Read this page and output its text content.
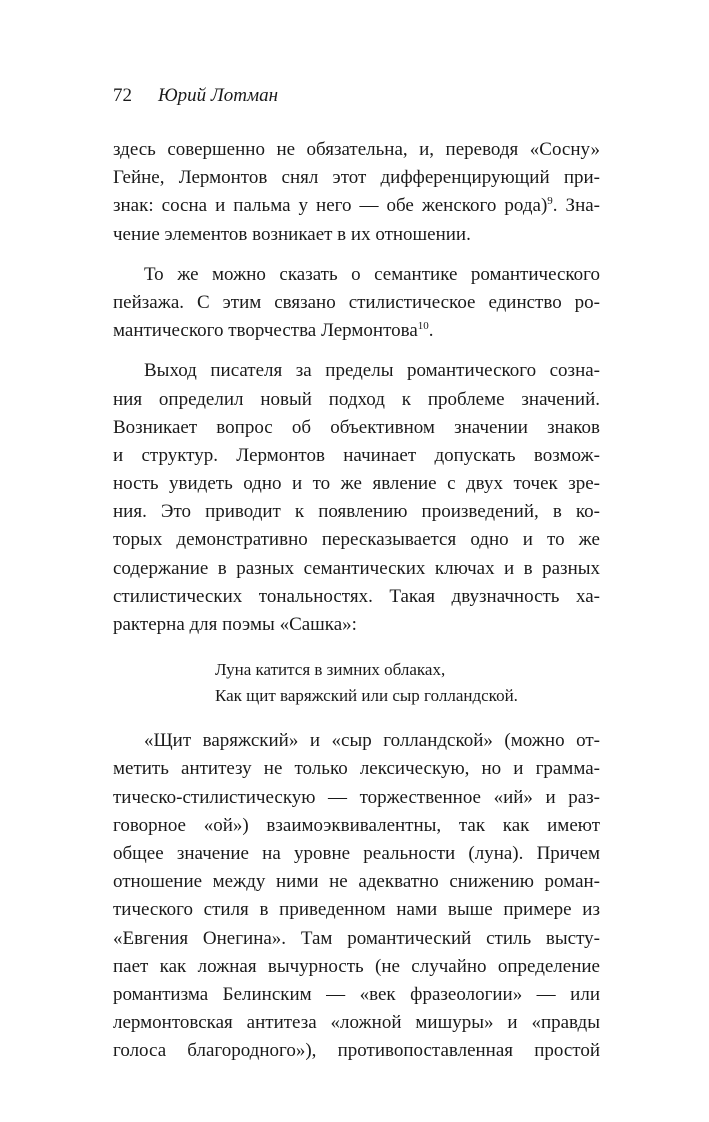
72 Юрий Лотман
здесь совершенно не обязательна, и, переводя «Сосну»
Гейне, Лермонтов снял этот дифференцирующий при-
знак: сосна и пальма у него — обе женского рода)$^9$. Зна-
чение элементов возникает в их отношении.
То же можно сказать о семантике романтического
пейзажа. С этим связано стилистическое единство ро-
мантического творчества Лермонтова$^{10}$.
Выход писателя за пределы романтического созна-
ния определил новый подход к проблеме значений.
Возникает вопрос об объективном значении знаков
и структур. Лермонтов начинает допускать возмож-
ность увидеть одно и то же явление с двух точек зре-
ния. Это приводит к появлению произведений, в ко-
торых демонстративно пересказывается одно и то же
содержание в разных семантических ключах и в разных
стилистических тональностях. Такая двузначность ха-
рактерна для поэмы «Сашка»:
Луна катится в зимних облаках,
Как щит варяжский или сыр голландской.
«Щит варяжский» и «сыр голландской» (можно от-
метить антитезу не только лексическую, но и грамма-
тическо-стилистическую — торжественное «ий» и раз-
говорное «ой») взаимоэквивалентны, так как имеют
общее значение на уровне реальности (луна). Причем
отношение между ними не адекватно снижению роман-
тического стиля в приведенном нами выше примере из
«Евгения Онегина». Там романтический стиль высту-
пает как ложная вычурность (не случайно определение
романтизма Белинским — «век фразеологии» — или
лермонтовская антитеза «ложной мишуры» и «правды
голоса благородного»), противопоставленная простой
